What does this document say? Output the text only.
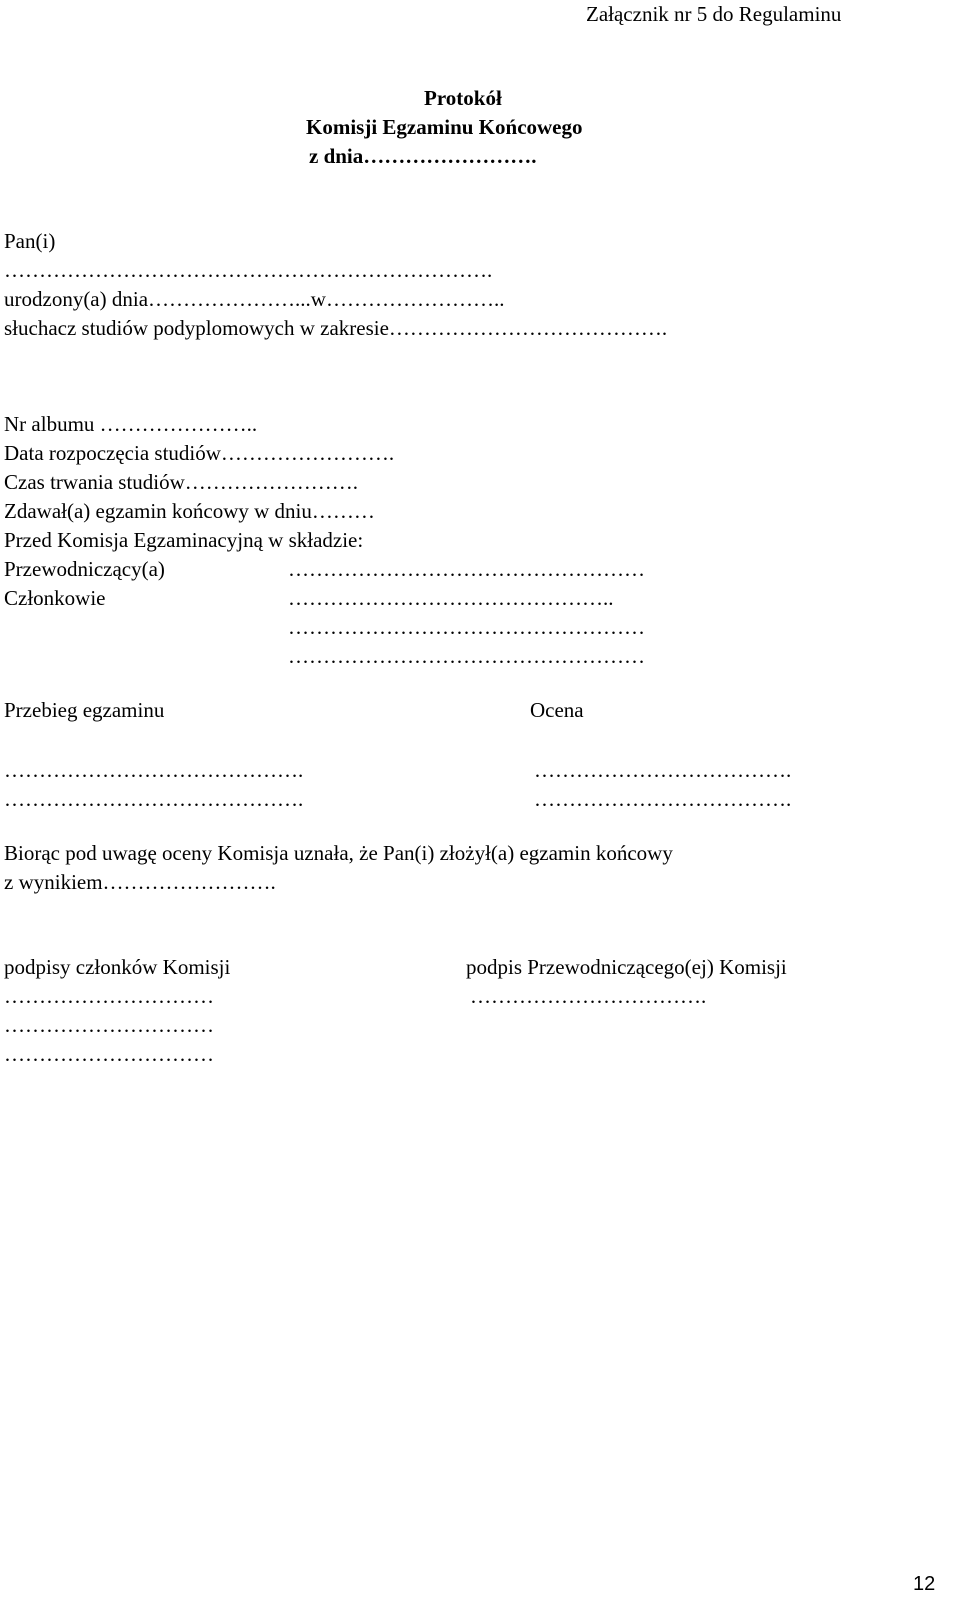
Załącznik nr 5 do Regulaminu
Protokół
Komisji Egzaminu Końcowego
z dnia…………………….
Pan(i)
…………………………………………………………….
urodzony(a) dnia…………………...w……………………..
słuchacz studiów podyplomowych w zakresie………………………………….
Nr albumu …………………..
Data rozpoczęcia studiów…………………….
Czas trwania studiów…………………….
Zdawał(a) egzamin końcowy w dniu………
Przed Komisja Egzaminacyjną w składzie:
Przewodniczący(a)	……………………………………………
Członkowie	………………………………………..
……………………………………………
……………………………………………
Przebieg egzaminu	Ocena
…………………………………….	……………………………….
…………………………………….	……………………………….
Biorąc pod uwagę oceny Komisja uznała, że Pan(i) złożył(a) egzamin końcowy
z wynikiem…………………….
podpisy członków Komisji	podpis Przewodniczącego(ej) Komisji
…………………………	…………………………….
…………………………
…………………………
12
